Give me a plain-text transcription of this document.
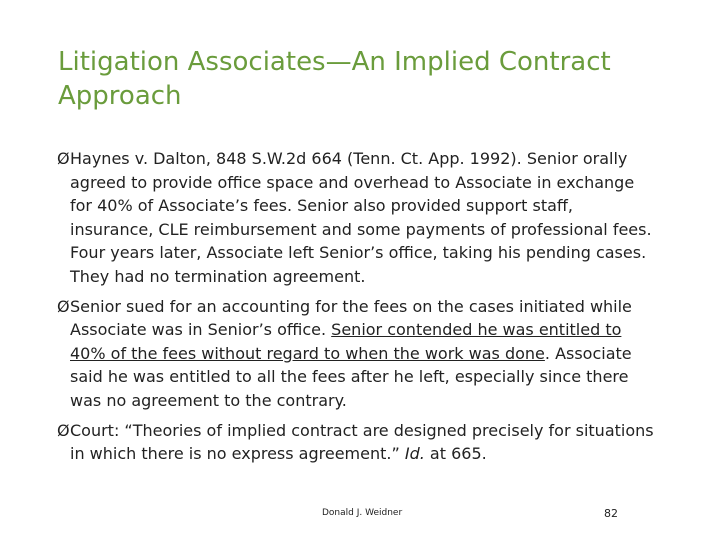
Litigation Associates—An Implied Contract Approach
Ø Haynes v. Dalton, 848 S.W.2d 664 (Tenn. Ct. App. 1992). Senior orally agreed to provide office space and overhead to Associate in exchange for 40% of Associate’s fees. Senior also provided support staff, insurance, CLE reimbursement and some payments of professional fees. Four years later, Associate left Senior’s office, taking his pending cases. They had no termination agreement.
Ø Senior sued for an accounting for the fees on the cases initiated while Associate was in Senior’s office. Senior contended he was entitled to 40% of the fees without regard to when the work was done. Associate said he was entitled to all the fees after he left, especially since there was no agreement to the contrary.
Ø Court: “Theories of implied contract are designed precisely for situations in which there is no express agreement.” Id. at 665.
Donald J. Weidner	82
